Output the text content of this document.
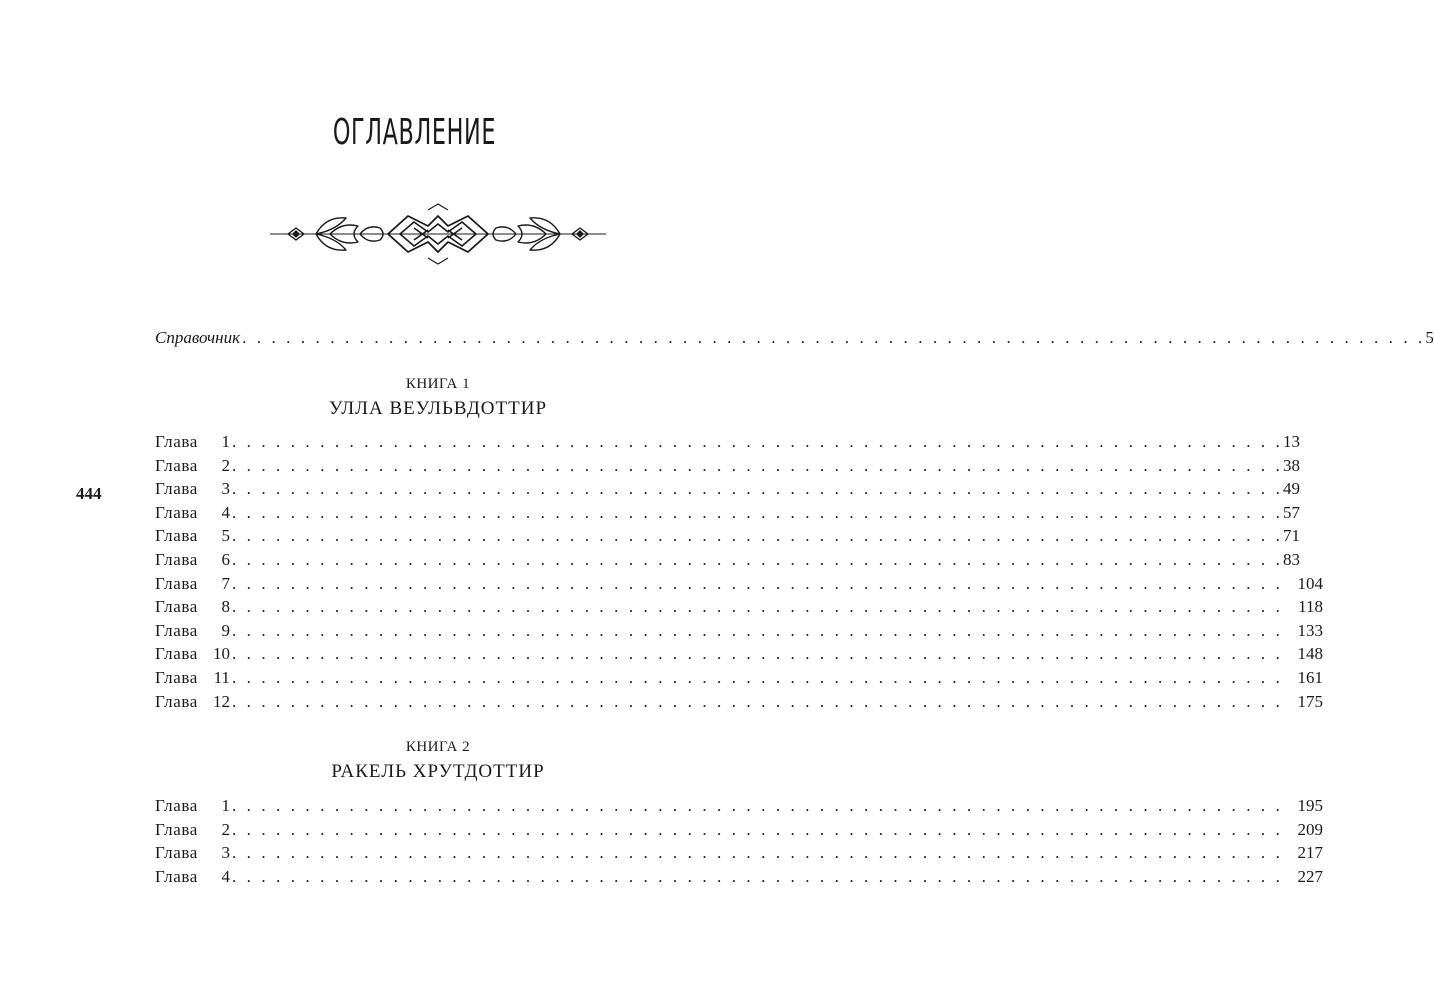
ОГЛАВЛЕНИЕ
444
Справочник . . . . . . . . . . . . . . . . . . . . . . . . . . . . . . . . . . . . . . . . . . . . . . . . . . . . . . . . . . . . . . . . . . . . . . . . . . . . . . . . . 5
КНИГА 1
УЛЛА ВЕУЛЬВДОТТИР
Глава 1 . . . . . . . . . . . . . . . . . . . . . . . . . . . . . . . . . . . . . . . . . . . . . . . . . . . . . . . . . . . . . . . . . . . . . . . . 13
Глава 2 . . . . . . . . . . . . . . . . . . . . . . . . . . . . . . . . . . . . . . . . . . . . . . . . . . . . . . . . . . . . . . . . . . . . . . . . 38
Глава 3 . . . . . . . . . . . . . . . . . . . . . . . . . . . . . . . . . . . . . . . . . . . . . . . . . . . . . . . . . . . . . . . . . . . . . . . . 49
Глава 4 . . . . . . . . . . . . . . . . . . . . . . . . . . . . . . . . . . . . . . . . . . . . . . . . . . . . . . . . . . . . . . . . . . . . . . . . 57
Глава 5 . . . . . . . . . . . . . . . . . . . . . . . . . . . . . . . . . . . . . . . . . . . . . . . . . . . . . . . . . . . . . . . . . . . . . . . . 71
Глава 6 . . . . . . . . . . . . . . . . . . . . . . . . . . . . . . . . . . . . . . . . . . . . . . . . . . . . . . . . . . . . . . . . . . . . . . . . 83
Глава 7 . . . . . . . . . . . . . . . . . . . . . . . . . . . . . . . . . . . . . . . . . . . . . . . . . . . . . . . . . . . . . . . . . . . . . . . . 104
Глава 8 . . . . . . . . . . . . . . . . . . . . . . . . . . . . . . . . . . . . . . . . . . . . . . . . . . . . . . . . . . . . . . . . . . . . . . . . 118
Глава 9 . . . . . . . . . . . . . . . . . . . . . . . . . . . . . . . . . . . . . . . . . . . . . . . . . . . . . . . . . . . . . . . . . . . . . . . . 133
Глава 10 . . . . . . . . . . . . . . . . . . . . . . . . . . . . . . . . . . . . . . . . . . . . . . . . . . . . . . . . . . . . . . . . . . . . . . . . 148
Глава 11 . . . . . . . . . . . . . . . . . . . . . . . . . . . . . . . . . . . . . . . . . . . . . . . . . . . . . . . . . . . . . . . . . . . . . . . . 161
Глава 12 . . . . . . . . . . . . . . . . . . . . . . . . . . . . . . . . . . . . . . . . . . . . . . . . . . . . . . . . . . . . . . . . . . . . . . . . 175
КНИГА 2
РАКЕЛЬ ХРУТДОТТИР
Глава 1 . . . . . . . . . . . . . . . . . . . . . . . . . . . . . . . . . . . . . . . . . . . . . . . . . . . . . . . . . . . . . . . . . . . . . . . . 195
Глава 2 . . . . . . . . . . . . . . . . . . . . . . . . . . . . . . . . . . . . . . . . . . . . . . . . . . . . . . . . . . . . . . . . . . . . . . . . 209
Глава 3 . . . . . . . . . . . . . . . . . . . . . . . . . . . . . . . . . . . . . . . . . . . . . . . . . . . . . . . . . . . . . . . . . . . . . . . . 217
Глава 4 . . . . . . . . . . . . . . . . . . . . . . . . . . . . . . . . . . . . . . . . . . . . . . . . . . . . . . . . . . . . . . . . . . . . . . . . 227
